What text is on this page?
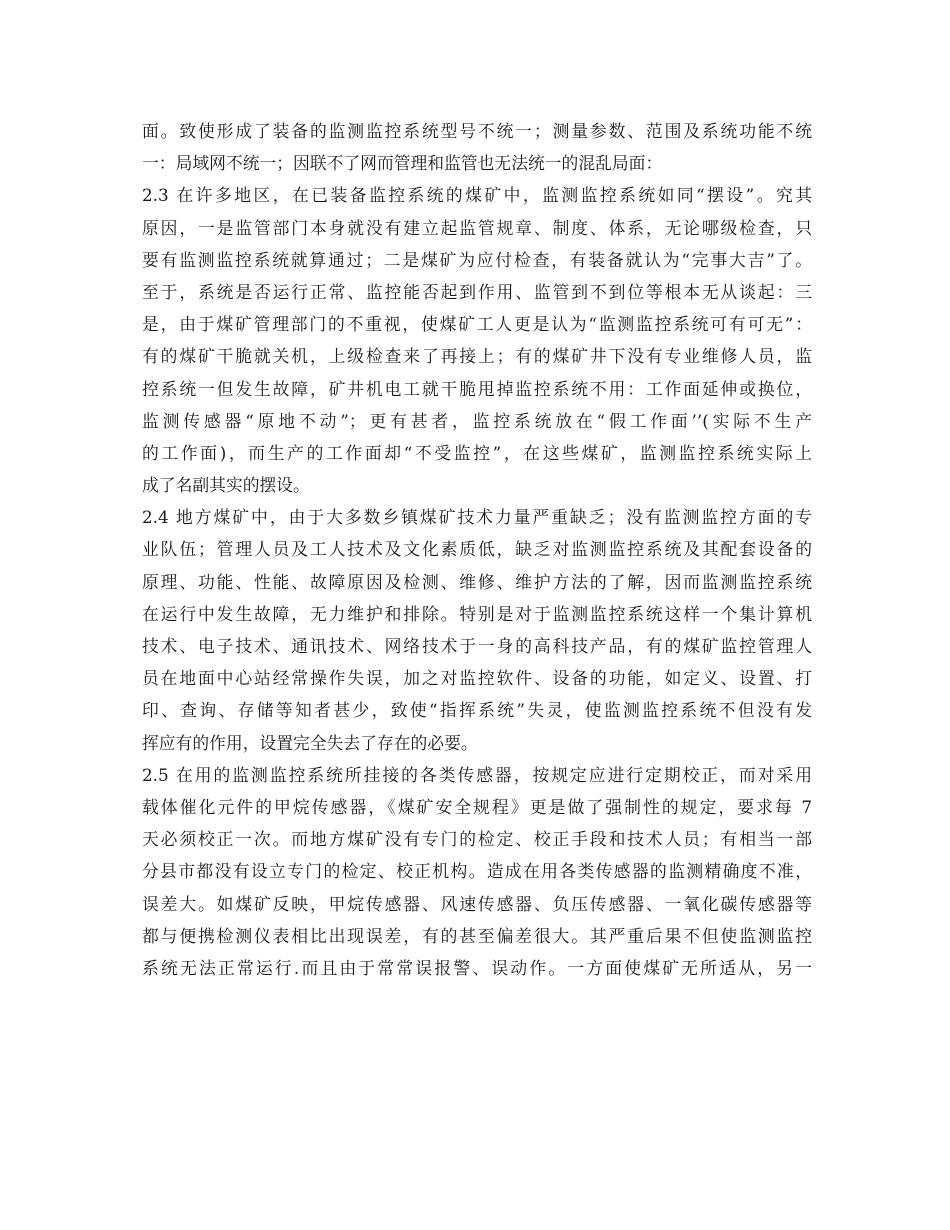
面。致使形成了装备的监测监控系统型号不统一；测量参数、范围及系统功能不统
一：局域网不统一；因联不了网而管理和监管也无法统一的混乱局面：
2.3 在许多地区，在已装备监控系统的煤矿中，监测监控系统如同“摆设”。究其
原因，一是监管部门本身就没有建立起监管规章、制度、体系，无论哪级检查，只
要有监测监控系统就算通过；二是煤矿为应付检查，有装备就认为“完事大吉”了。
至于，系统是否运行正常、监控能否起到作用、监管到不到位等根本无从谈起：三
是，由于煤矿管理部门的不重视，使煤矿工人更是认为“监测监控系统可有可无”：
有的煤矿干脆就关机，上级检查来了再接上；有的煤矿井下没有专业维修人员，监
控系统一但发生故障，矿井机电工就干脆甩掉监控系统不用：工作面延伸或换位，
监测传感器“原地不动”；更有甚者，监控系统放在“假工作面’’(实际不生产
的工作面)，而生产的工作面却“不受监控”，在这些煤矿，监测监控系统实际上
成了名副其实的摆设。
2.4 地方煤矿中，由于大多数乡镇煤矿技术力量严重缺乏；没有监测监控方面的专
业队伍；管理人员及工人技术及文化素质低，缺乏对监测监控系统及其配套设备的
原理、功能、性能、故障原因及检测、维修、维护方法的了解，因而监测监控系统
在运行中发生故障，无力维护和排除。特别是对于监测监控系统这样一个集计算机
技术、电子技术、通讯技术、网络技术于一身的高科技产品，有的煤矿监控管理人
员在地面中心站经常操作失误，加之对监控软件、设备的功能，如定义、设置、打
印、查询、存储等知者甚少，致使“指挥系统”失灵，使监测监控系统不但没有发
挥应有的作用，设置完全失去了存在的必要。
2.5 在用的监测监控系统所挂接的各类传感器，按规定应进行定期校正，而对采用
载体催化元件的甲烷传感器，《煤矿安全规程》更是做了强制性的规定，要求每 7
天必须校正一次。而地方煤矿没有专门的检定、校正手段和技术人员；有相当一部
分县市都没有设立专门的检定、校正机构。造成在用各类传感器的监测精确度不准，
误差大。如煤矿反映，甲烷传感器、风速传感器、负压传感器、一氧化碳传感器等
都与便携检测仪表相比出现误差，有的甚至偏差很大。其严重后果不但使监测监控
系统无法正常运行.而且由于常常误报警、误动作。一方面使煤矿无所适从，另一
